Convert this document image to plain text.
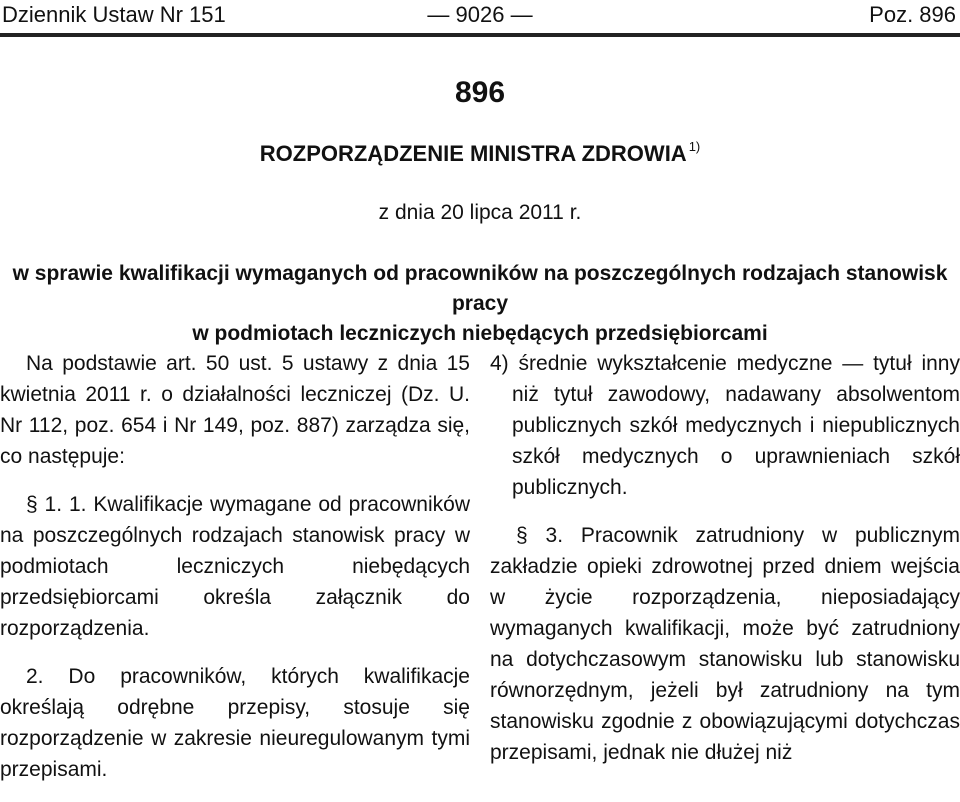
Dziennik Ustaw Nr 151	— 9026 —	Poz. 896
896
ROZPORZĄDZENIE MINISTRA ZDROWIA $^{1)}$
z dnia 20 lipca 2011 r.
w sprawie kwalifikacji wymaganych od pracowników na poszczególnych rodzajach stanowisk pracy
w podmiotach leczniczych niebędących przedsiębiorcami

Na podstawie art. 50 ust. 5 ustawy z dnia 15 kwietnia 2011 r. o działalności leczniczej (Dz. U. Nr 112, poz. 654 i Nr 149, poz. 887) zarządza się, co następuje:

§ 1. 1. Kwalifikacje wymagane od pracowników na poszczególnych rodzajach stanowisk pracy w podmiotach leczniczych niebędących przedsiębiorcami określa załącznik do rozporządzenia.

2. Do pracowników, których kwalifikacje określają odrębne przepisy, stosuje się rozporządzenie w zakresie nieuregulowanym tymi przepisami.

4) średnie wykształcenie medyczne — tytuł inny niż tytuł zawodowy, nadawany absolwentom publicznych szkół medycznych i niepublicznych szkół medycznych o uprawnieniach szkół publicznych.

§ 3. Pracownik zatrudniony w publicznym zakładzie opieki zdrowotnej przed dniem wejścia w życie rozporządzenia, nieposiadający wymaganych kwalifikacji, może być zatrudniony na dotychczasowym stanowisku lub stanowisku równorzędnym, jeżeli był zatrudniony na tym stanowisku zgodnie z obowiązującymi dotychczas przepisami, jednak nie dłużej niż
